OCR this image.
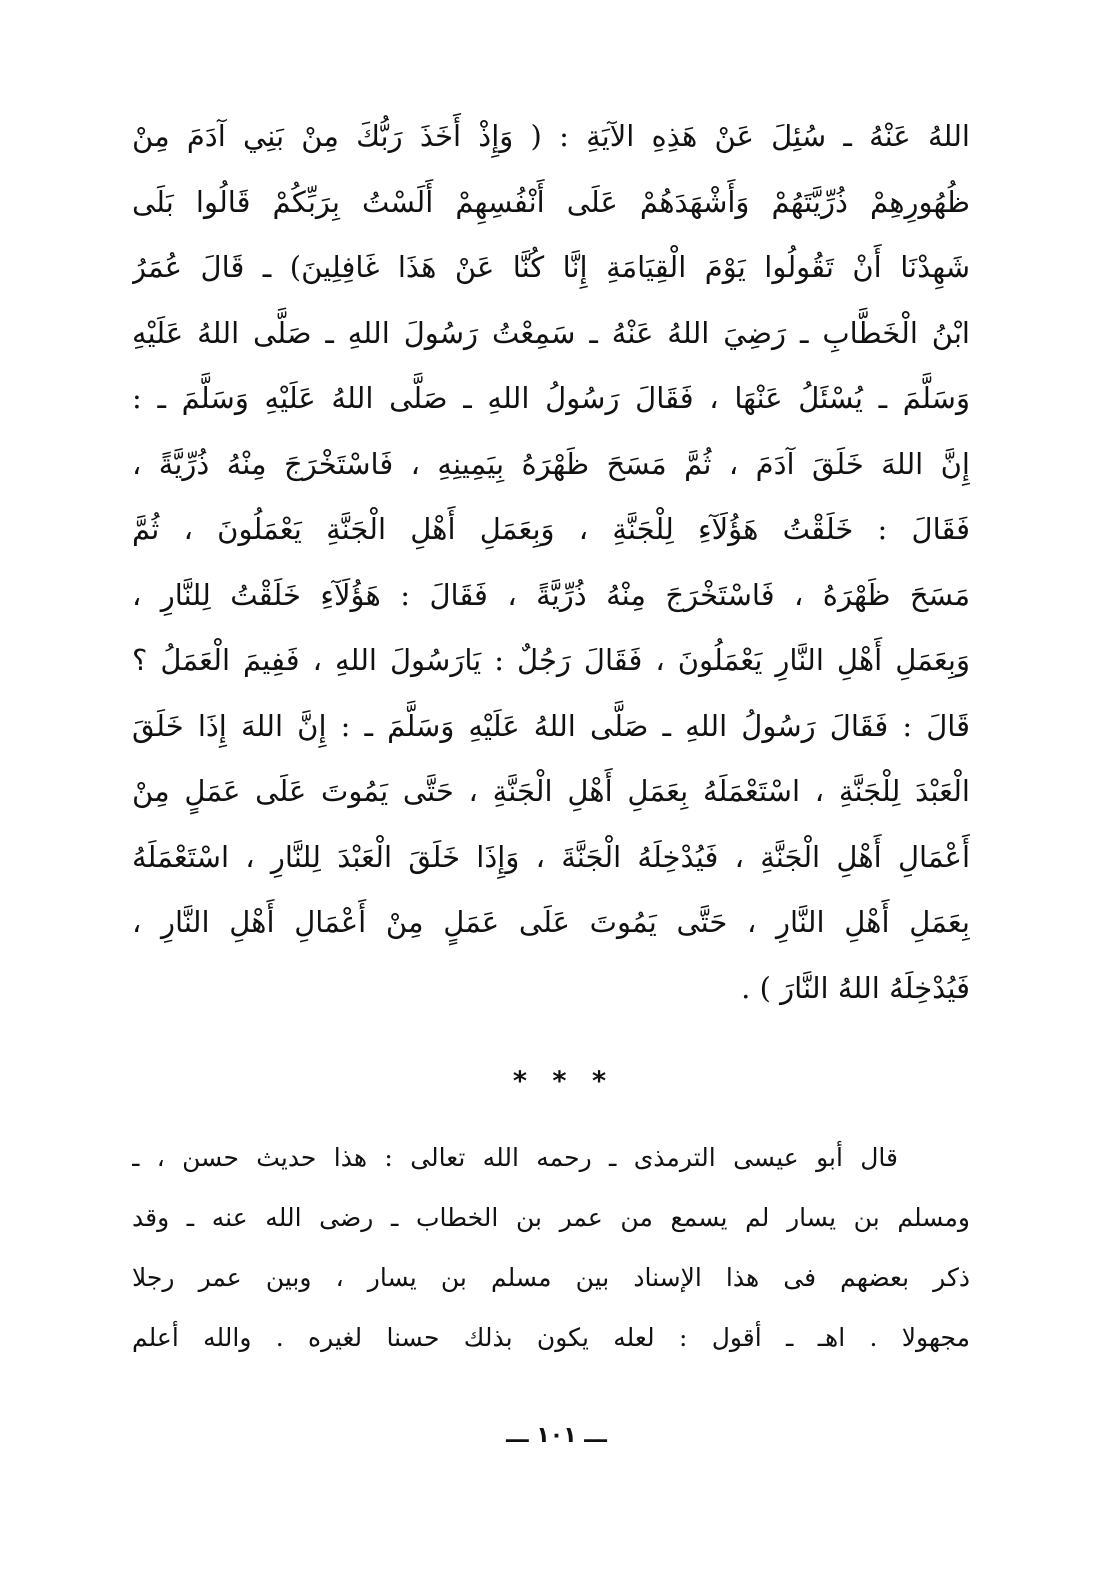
اللهُ عَنْهُ ـ سُئِلَ عَنْ هَذِهِ الآيَةِ : ( وَإِذْ أَخَذَ رَبُّكَ مِنْ بَنِي آدَمَ مِنْ
ظُهُورِهِمْ ذُرِّيَّتَهُمْ وَأَشْهَدَهُمْ عَلَى أَنْفُسِهِمْ أَلَسْتُ بِرَبِّكُمْ قَالُوا بَلَى
شَهِدْنَا أَنْ تَقُولُوا يَوْمَ الْقِيَامَةِ إِنَّا كُنَّا عَنْ هَذَا غَافِلِينَ) ـ قَالَ عُمَرُ
ابْنُ الْخَطَّابِ ـ رَضِيَ اللهُ عَنْهُ ـ سَمِعْتُ رَسُولَ اللهِ ـ صَلَّى اللهُ عَلَيْهِ
وَسَلَّمَ ـ يُسْئَلُ عَنْهَا ، فَقَالَ رَسُولُ اللهِ ـ صَلَّى اللهُ عَلَيْهِ وَسَلَّمَ ـ :
إِنَّ اللهَ خَلَقَ آدَمَ ، ثُمَّ مَسَحَ ظَهْرَهُ بِيَمِينِهِ ، فَاسْتَخْرَجَ مِنْهُ ذُرِّيَّةً ،
فَقَالَ : خَلَقْتُ هَؤُلَآءِ لِلْجَنَّةِ ، وَبِعَمَلِ أَهْلِ الْجَنَّةِ يَعْمَلُونَ ، ثُمَّ
مَسَحَ ظَهْرَهُ ، فَاسْتَخْرَجَ مِنْهُ ذُرِّيَّةً ، فَقَالَ : هَؤُلَآءِ خَلَقْتُ لِلنَّارِ ،
وَبِعَمَلِ أَهْلِ النَّارِ يَعْمَلُونَ ، فَقَالَ رَجُلٌ : يَارَسُولَ اللهِ ، فَفِيمَ الْعَمَلُ ؟
قَالَ : فَقَالَ رَسُولُ اللهِ ـ صَلَّى اللهُ عَلَيْهِ وَسَلَّمَ ـ : إِنَّ اللهَ إِذَا خَلَقَ
الْعَبْدَ لِلْجَنَّةِ ، اسْتَعْمَلَهُ بِعَمَلِ أَهْلِ الْجَنَّةِ ، حَتَّى يَمُوتَ عَلَى عَمَلٍ مِنْ
أَعْمَالِ أَهْلِ الْجَنَّةِ ، فَيُدْخِلَهُ الْجَنَّةَ ، وَإِذَا خَلَقَ الْعَبْدَ لِلنَّارِ ، اسْتَعْمَلَهُ
بِعَمَلِ أَهْلِ النَّارِ ، حَتَّى يَمُوتَ عَلَى عَمَلٍ مِنْ أَعْمَالِ أَهْلِ النَّارِ ،
فَيُدْخِلَهُ اللهُ النَّارَ ) .
* * *
قال أبو عيسى الترمذى ـ رحمه الله تعالى : هذا حديث حسن ، ـ
ومسلم بن يسار لم يسمع من عمر بن الخطاب ـ رضى الله عنه ـ وقد
ذكر بعضهم فى هذا الإسناد بين مسلم بن يسار ، وبين عمر رجلا
مجهولا . اهـ ـ أقول : لعله يكون بذلك حسنا لغيره . والله أعلم
ـــ ١٠١ ـــ
